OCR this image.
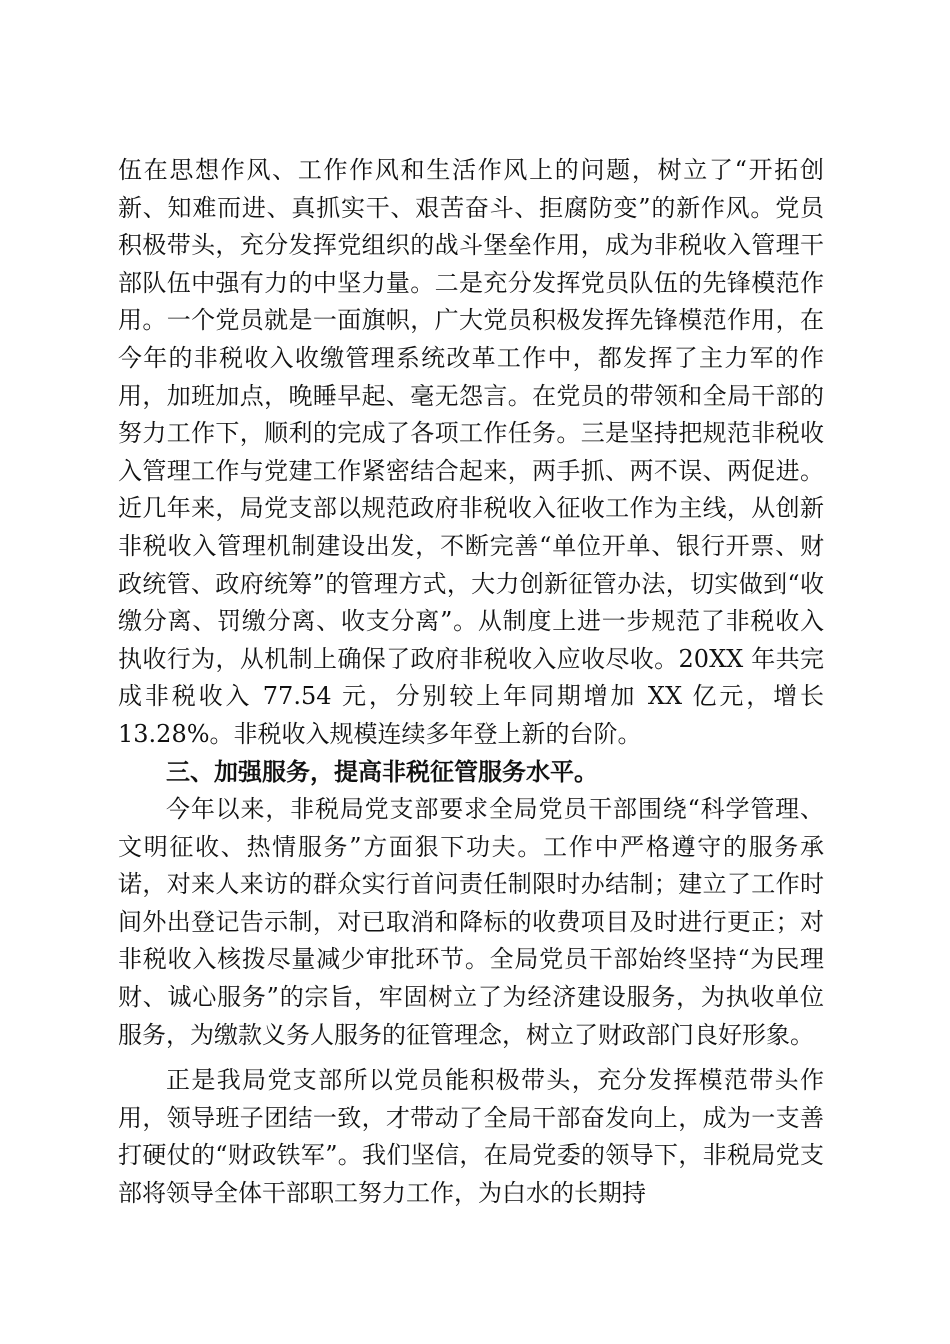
伍在思想作风、工作作风和生活作风上的问题，树立了“开拓创新、知难而进、真抓实干、艰苦奋斗、拒腐防变”的新作风。党员积极带头，充分发挥党组织的战斗堡垒作用，成为非税收入管理干部队伍中强有力的中坚力量。二是充分发挥党员队伍的先锋模范作用。一个党员就是一面旗帜，广大党员积极发挥先锋模范作用，在今年的非税收入收缴管理系统改革工作中，都发挥了主力军的作用，加班加点，晚睡早起、毫无怨言。在党员的带领和全局干部的努力工作下，顺利的完成了各项工作任务。三是坚持把规范非税收入管理工作与党建工作紧密结合起来，两手抓、两不误、两促进。近几年来，局党支部以规范政府非税收入征收工作为主线，从创新非税收入管理机制建设出发，不断完善“单位开单、银行开票、财政统管、政府统筹”的管理方式，大力创新征管办法，切实做到“收缴分离、罚缴分离、收支分离”。从制度上进一步规范了非税收入执收行为，从机制上确保了政府非税收入应收尽收。20XX 年共完成非税收入 77.54 元，分别较上年同期增加 XX 亿元，增长13.28%。非税收入规模连续多年登上新的台阶。

三、加强服务，提高非税征管服务水平。

今年以来，非税局党支部要求全局党员干部围绕“科学管理、文明征收、热情服务”方面狠下功夫。工作中严格遵守的服务承诺，对来人来访的群众实行首问责任制限时办结制；建立了工作时间外出登记告示制，对已取消和降标的收费项目及时进行更正；对非税收入核拨尽量减少审批环节。全局党员干部始终坚持“为民理财、诚心服务”的宗旨，牢固树立了为经济建设服务，为执收单位服务，为缴款义务人服务的征管理念，树立了财政部门良好形象。

正是我局党支部所以党员能积极带头，充分发挥模范带头作用，领导班子团结一致，才带动了全局干部奋发向上，成为一支善打硬仗的“财政铁军”。我们坚信，在局党委的领导下，非税局党支部将领导全体干部职工努力工作，为白水的长期持
